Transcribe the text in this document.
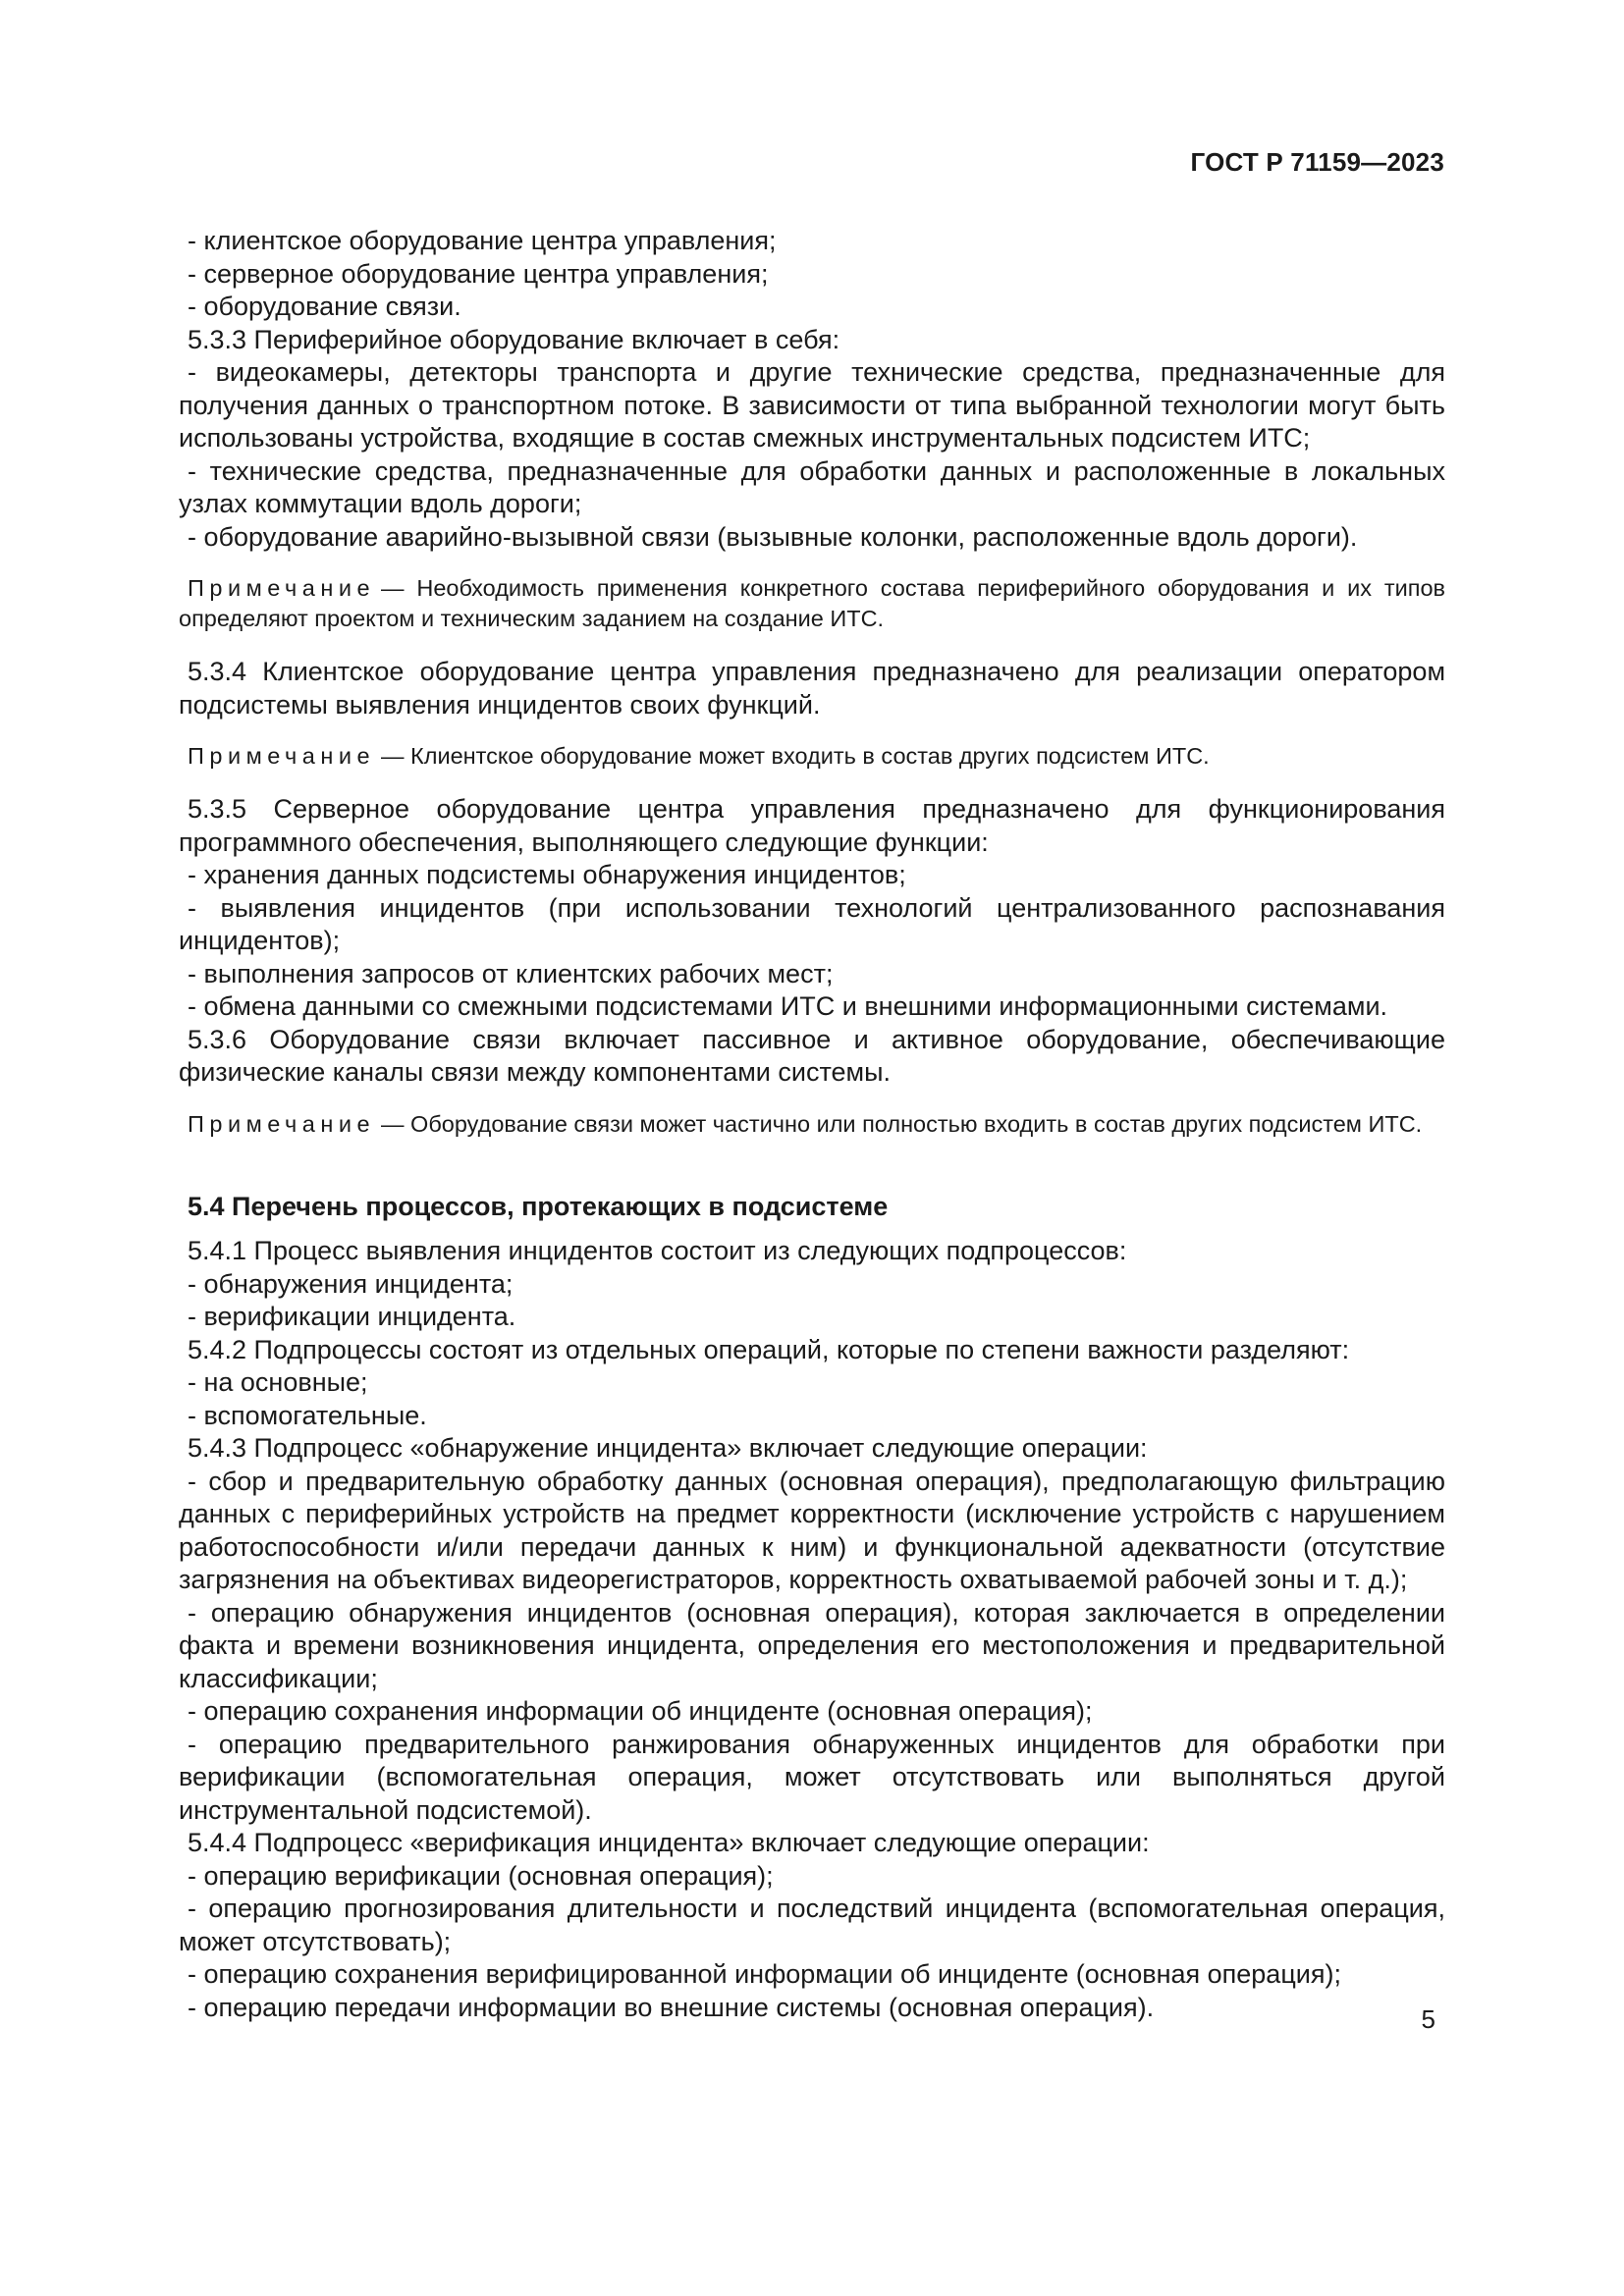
ГОСТ Р 71159—2023

- клиентское оборудование центра управления;

- серверное оборудование центра управления;

- оборудование связи.

5.3.3 Периферийное оборудование включает в себя:

- видеокамеры, детекторы транспорта и другие технические средства, предназначенные для получения данных о транспортном потоке. В зависимости от типа выбранной технологии могут быть использованы устройства, входящие в состав смежных инструментальных подсистем ИТС;

- технические средства, предназначенные для обработки данных и расположенные в локальных узлах коммутации вдоль дороги;

- оборудование аварийно-вызывной связи (вызывные колонки, расположенные вдоль дороги).

Примечание — Необходимость применения конкретного состава периферийного оборудования и их типов определяют проектом и техническим заданием на создание ИТС.

5.3.4 Клиентское оборудование центра управления предназначено для реализации оператором подсистемы выявления инцидентов своих функций.

Примечание — Клиентское оборудование может входить в состав других подсистем ИТС.

5.3.5 Серверное оборудование центра управления предназначено для функционирования программного обеспечения, выполняющего следующие функции:

- хранения данных подсистемы обнаружения инцидентов;

- выявления инцидентов (при использовании технологий централизованного распознавания инцидентов);

- выполнения запросов от клиентских рабочих мест;

- обмена данными со смежными подсистемами ИТС и внешними информационными системами.

5.3.6 Оборудование связи включает пассивное и активное оборудование, обеспечивающие физические каналы связи между компонентами системы.

Примечание — Оборудование связи может частично или полностью входить в состав других подсистем ИТС.

5.4 Перечень процессов, протекающих в подсистеме

5.4.1 Процесс выявления инцидентов состоит из следующих подпроцессов:

- обнаружения инцидента;

- верификации инцидента.

5.4.2 Подпроцессы состоят из отдельных операций, которые по степени важности разделяют:

- на основные;

- вспомогательные.

5.4.3 Подпроцесс «обнаружение инцидента» включает следующие операции:

- сбор и предварительную обработку данных (основная операция), предполагающую фильтрацию данных с периферийных устройств на предмет корректности (исключение устройств с нарушением работоспособности и/или передачи данных к ним) и функциональной адекватности (отсутствие загрязнения на объективах видеорегистраторов, корректность охватываемой рабочей зоны и т. д.);

- операцию обнаружения инцидентов (основная операция), которая заключается в определении факта и времени возникновения инцидента, определения его местоположения и предварительной классификации;

- операцию сохранения информации об инциденте (основная операция);

- операцию предварительного ранжирования обнаруженных инцидентов для обработки при верификации (вспомогательная операция, может отсутствовать или выполняться другой инструментальной подсистемой).

5.4.4 Подпроцесс «верификация инцидента» включает следующие операции:

- операцию верификации (основная операция);

- операцию прогнозирования длительности и последствий инцидента (вспомогательная операция, может отсутствовать);

- операцию сохранения верифицированной информации об инциденте (основная операция);

- операцию передачи информации во внешние системы (основная операция).	5
